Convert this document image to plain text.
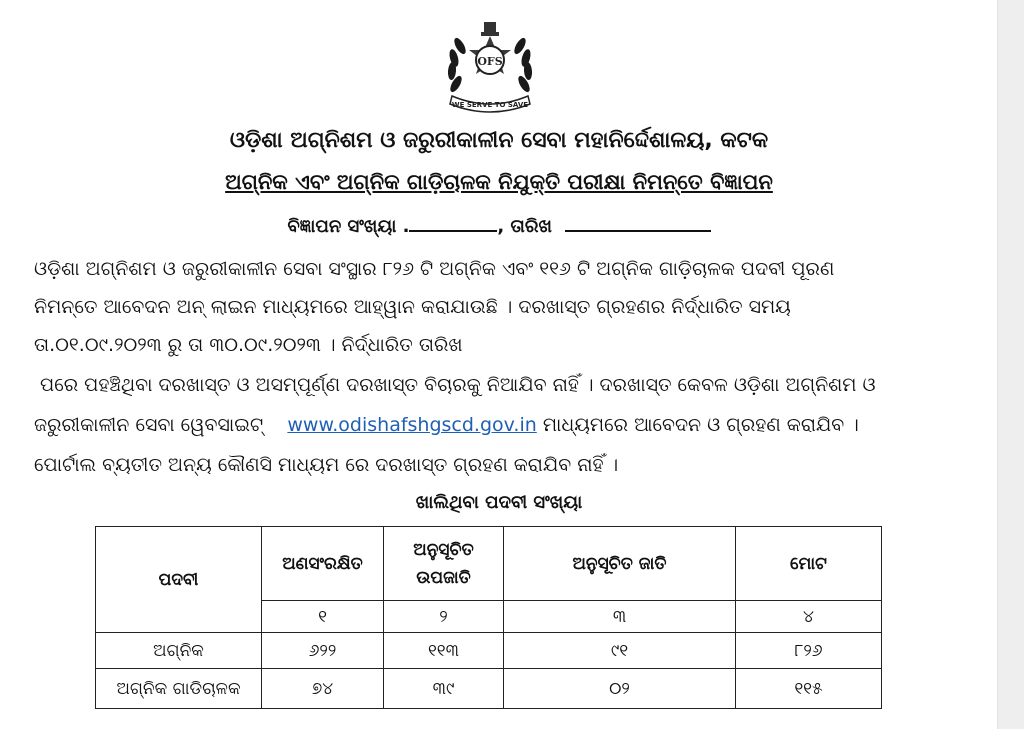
OFS
WE SERVE TO SAVE
ଓଡ଼ିଶା ଅଗ୍ନିଶମ ଓ ଜରୁରୀକାଳୀନ ସେବା ମହାନିର୍ଦ୍ଦେଶାଳୟ, କଟକ
ଅଗ୍ନିକ ଏବଂ ଅଗ୍ନିକ ଗାଡ଼ିଚାଳକ ନିଯୁକ୍ତି ପରୀକ୍ଷା ନିମନ୍ତେ ବିଜ୍ଞାପନ
ବିଜ୍ଞାପନ ସଂଖ୍ୟା .	, ତାରିଖ
ଓଡ଼ିଶା ଅଗ୍ନିଶମ ଓ ଜରୁରୀକାଳୀନ ସେବା ସଂସ୍ଥାର ୮୨୬ ଟି ଅଗ୍ନିକ ଏବଂ ୧୧୬ ଟି ଅଗ୍ନିକ ଗାଡ଼ିଚାଳକ ପଦବୀ ପୂରଣ
ନିମନ୍ତେ ଆବେଦନ ଅନ୍ ଲାଇନ ମାଧ୍ୟମରେ ଆହ୍ୱାନ କରାଯାଉଛି । ଦରଖାସ୍ତ ଗ୍ରହଣର ନିର୍ଦ୍ଧାରିତ ସମୟ
ତା.୦୧.୦୯.୨୦୨୩ ରୁ ତା ୩୦.୦୯.୨୦୨୩ । ନିର୍ଦ୍ଧାରିତ ତାରିଖ
ପରେ ପହଞ୍ଚିଥିବା ଦରଖାସ୍ତ ଓ ଅସମ୍ପୂର୍ଣ୍ଣ ଦରଖାସ୍ତ ବିଚାରକୁ ନିଆଯିବ ନାହିଁ । ଦରଖାସ୍ତ କେବଳ ଓଡ଼ିଶା ଅଗ୍ନିଶମ ଓ
ଜରୁରୀକାଳୀନ ସେବା ୱେବସାଇଟ୍ www.odishafshgscd.gov.in ମାଧ୍ୟମରେ ଆବେଦନ ଓ ଗ୍ରହଣ କରାଯିବ ।
ପୋର୍ଟାଲ ବ୍ୟତୀତ ଅନ୍ୟ କୌଣସି ମାଧ୍ୟମ ରେ ଦରଖାସ୍ତ ଗ୍ରହଣ କରାଯିବ ନାହିଁ ।
ଖାଲିଥିବା ପଦବୀ ସଂଖ୍ୟା
ପଦବୀ	ଅଣସଂରକ୍ଷିତ	ଅନୁସୂଚିତ ଉପଜାତି	ଅନୁସୂଚିତ ଜାତି	ମୋଟ
	୧	୨	୩	୪
ଅଗ୍ନିକ	୬୨୨	୧୧୩	୯୧	୮୨୬
ଅଗ୍ନିକ ଗାଡିଚାଳକ	୭୪	୩୯	୦୨	୧୧୫
